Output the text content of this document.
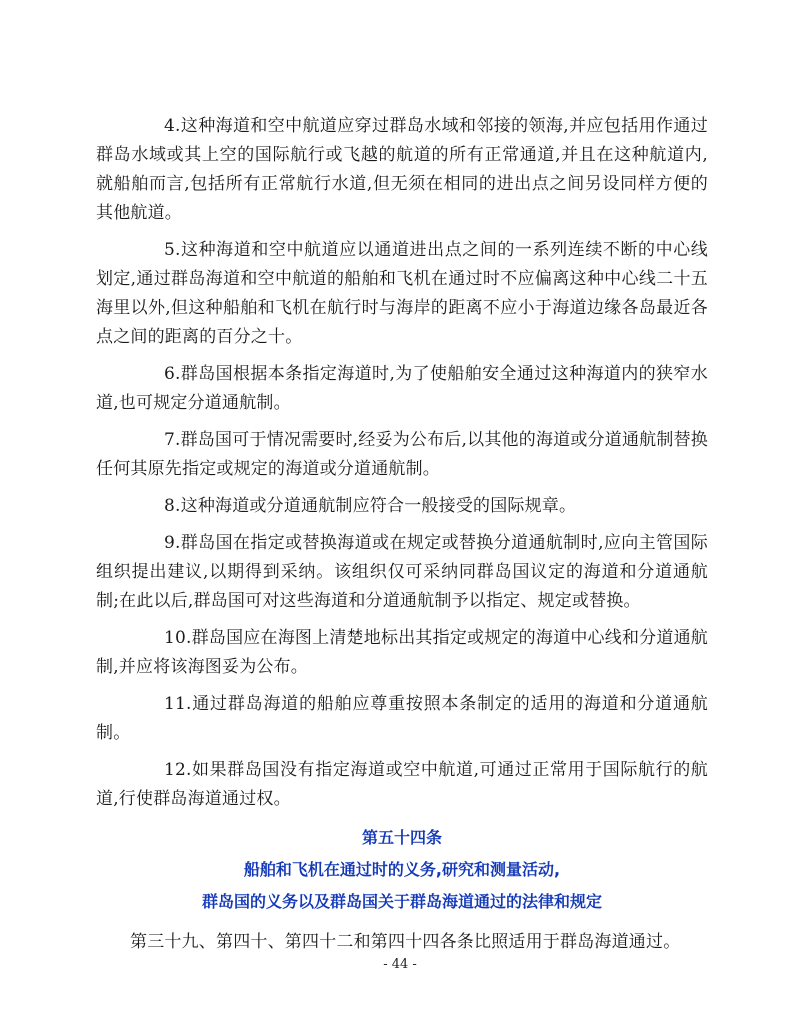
4.这种海道和空中航道应穿过群岛水域和邻接的领海,并应包括用作通过群岛水域或其上空的国际航行或飞越的航道的所有正常通道,并且在这种航道内,就船舶而言,包括所有正常航行水道,但无须在相同的进出点之间另设同样方便的其他航道。

5.这种海道和空中航道应以通道进出点之间的一系列连续不断的中心线划定,通过群岛海道和空中航道的船舶和飞机在通过时不应偏离这种中心线二十五海里以外,但这种船舶和飞机在航行时与海岸的距离不应小于海道边缘各岛最近各点之间的距离的百分之十。

6.群岛国根据本条指定海道时,为了使船舶安全通过这种海道内的狭窄水道,也可规定分道通航制。

7.群岛国可于情况需要时,经妥为公布后,以其他的海道或分道通航制替换任何其原先指定或规定的海道或分道通航制。

8.这种海道或分道通航制应符合一般接受的国际规章。

9.群岛国在指定或替换海道或在规定或替换分道通航制时,应向主管国际组织提出建议,以期得到采纳。该组织仅可采纳同群岛国议定的海道和分道通航制;在此以后,群岛国可对这些海道和分道通航制予以指定、规定或替换。

10.群岛国应在海图上清楚地标出其指定或规定的海道中心线和分道通航制,并应将该海图妥为公布。

11.通过群岛海道的船舶应尊重按照本条制定的适用的海道和分道通航制。

12.如果群岛国没有指定海道或空中航道,可通过正常用于国际航行的航道,行使群岛海道通过权。

第五十四条
船舶和飞机在通过时的义务,研究和测量活动,
群岛国的义务以及群岛国关于群岛海道通过的法律和规定

第三十九、第四十、第四十二和第四十四各条比照适用于群岛海道通过。

- 44 -
